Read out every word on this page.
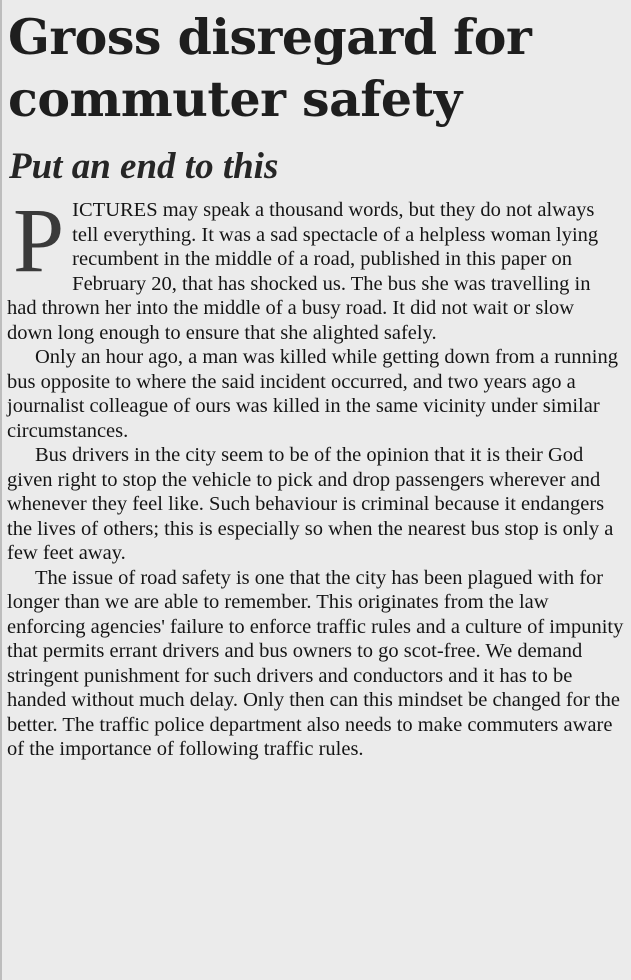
Gross disregard for commuter safety
Put an end to this

PICTURES may speak a thousand words, but they do not always tell everything. It was a sad spectacle of a helpless woman lying recumbent in the middle of a road, published in this paper on February 20, that has shocked us. The bus she was travelling in had thrown her into the middle of a busy road. It did not wait or slow down long enough to ensure that she alighted safely.

Only an hour ago, a man was killed while getting down from a running bus opposite to where the said incident occurred, and two years ago a journalist colleague of ours was killed in the same vicinity under similar circumstances.

Bus drivers in the city seem to be of the opinion that it is their God given right to stop the vehicle to pick and drop passengers wherever and whenever they feel like. Such behaviour is criminal because it endangers the lives of others; this is especially so when the nearest bus stop is only a few feet away.

The issue of road safety is one that the city has been plagued with for longer than we are able to remember. This originates from the law enforcing agencies' failure to enforce traffic rules and a culture of impunity that permits errant drivers and bus owners to go scot-free. We demand stringent punishment for such drivers and conductors and it has to be handed without much delay. Only then can this mindset be changed for the better. The traffic police department also needs to make commuters aware of the importance of following traffic rules.
